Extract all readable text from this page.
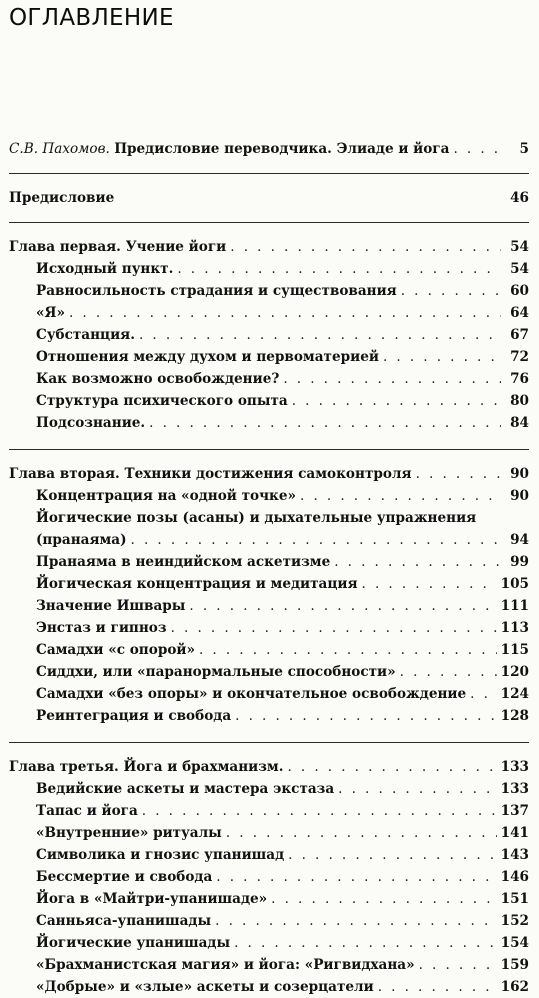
ОГЛАВЛЕНИЕ
С.В. Пахомов. Предисловие переводчика. Элиаде и йога . . .	5
Предисловие	46
Глава первая. Учение йоги . . .	54
Исходный пункт. . . .	54
Равносильность страдания и существования . . .	60
«Я» . . .	64
Субстанция. . . .	67
Отношения между духом и первоматерией . . .	72
Как возможно освобождение? . . .	76
Структура психического опыта . . .	80
Подсознание. . . .	84
Глава вторая. Техники достижения самоконтроля . . .	90
Концентрация на «одной точке» . . .	90
Йогические позы (асаны) и дыхательные упражнения
(пранаяма) . . .	94
Пранаяма в неиндийском аскетизме . . .	99
Йогическая концентрация и медитация . . .	105
Значение Ишвары . . .	111
Энстаз и гипноз . . .	113
Самадхи «с опорой» . . .	115
Сиддхи, или «паранормальные способности» . . .	120
Самадхи «без опоры» и окончательное освобождение . . .	124
Реинтеграция и свобода . . .	128
Глава третья. Йога и брахманизм. . . .	133
Ведийские аскеты и мастера экстаза . . .	133
Тапас и йога . . .	137
«Внутренние» ритуалы . . .	141
Символика и гнозис упанишад . . .	143
Бессмертие и свобода . . .	146
Йога в «Майтри-упанишаде» . . .	151
Санньяса-упанишады . . .	152
Йогические упанишады . . .	154
«Брахманистская магия» и йога: «Ригвидхана» . . .	159
«Добрые» и «злые» аскеты и созерцатели . . .	162
